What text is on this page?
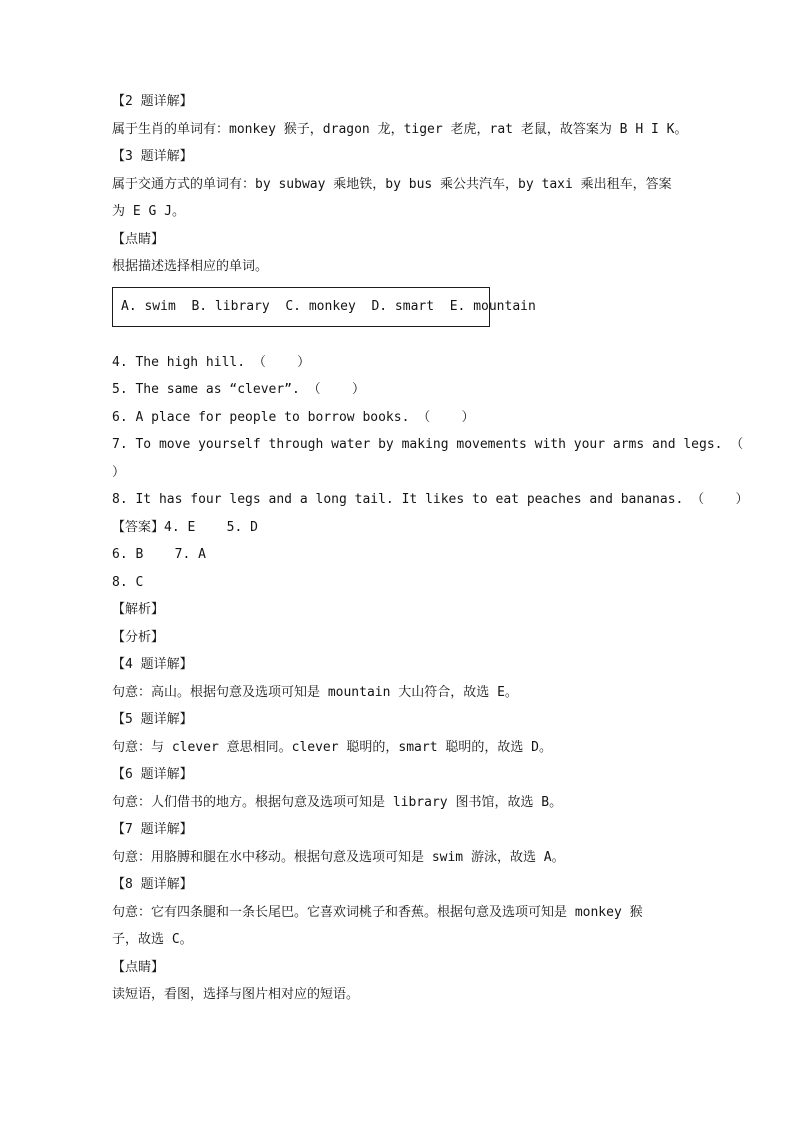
【2 题详解】
属于生肖的单词有：monkey 猴子，dragon 龙，tiger 老虎，rat 老鼠，故答案为 B H I K。
【3 题详解】
属于交通方式的单词有：by subway 乘地铁，by bus 乘公共汽车，by taxi 乘出租车，答案
为 E G J。
【点睛】
根据描述选择相应的单词。
A. swim  B. library  C. monkey  D. smart  E. mountain
4. The high hill. （    ）
5. The same as “clever”. （    ）
6. A place for people to borrow books. （    ）
7. To move yourself through water by making movements with your arms and legs. （
）
8. It has four legs and a long tail. It likes to eat peaches and bananas. （    ）
【答案】4. E    5. D
6. B    7. A
8. C
【解析】
【分析】
【4 题详解】
句意：高山。根据句意及选项可知是 mountain 大山符合，故选 E。
【5 题详解】
句意：与 clever 意思相同。clever 聪明的，smart 聪明的，故选 D。
【6 题详解】
句意：人们借书的地方。根据句意及选项可知是 library 图书馆，故选 B。
【7 题详解】
句意：用胳膊和腿在水中移动。根据句意及选项可知是 swim 游泳，故选 A。
【8 题详解】
句意：它有四条腿和一条长尾巴。它喜欢词桃子和香蕉。根据句意及选项可知是 monkey 猴
子，故选 C。
【点睛】
读短语，看图，选择与图片相对应的短语。
